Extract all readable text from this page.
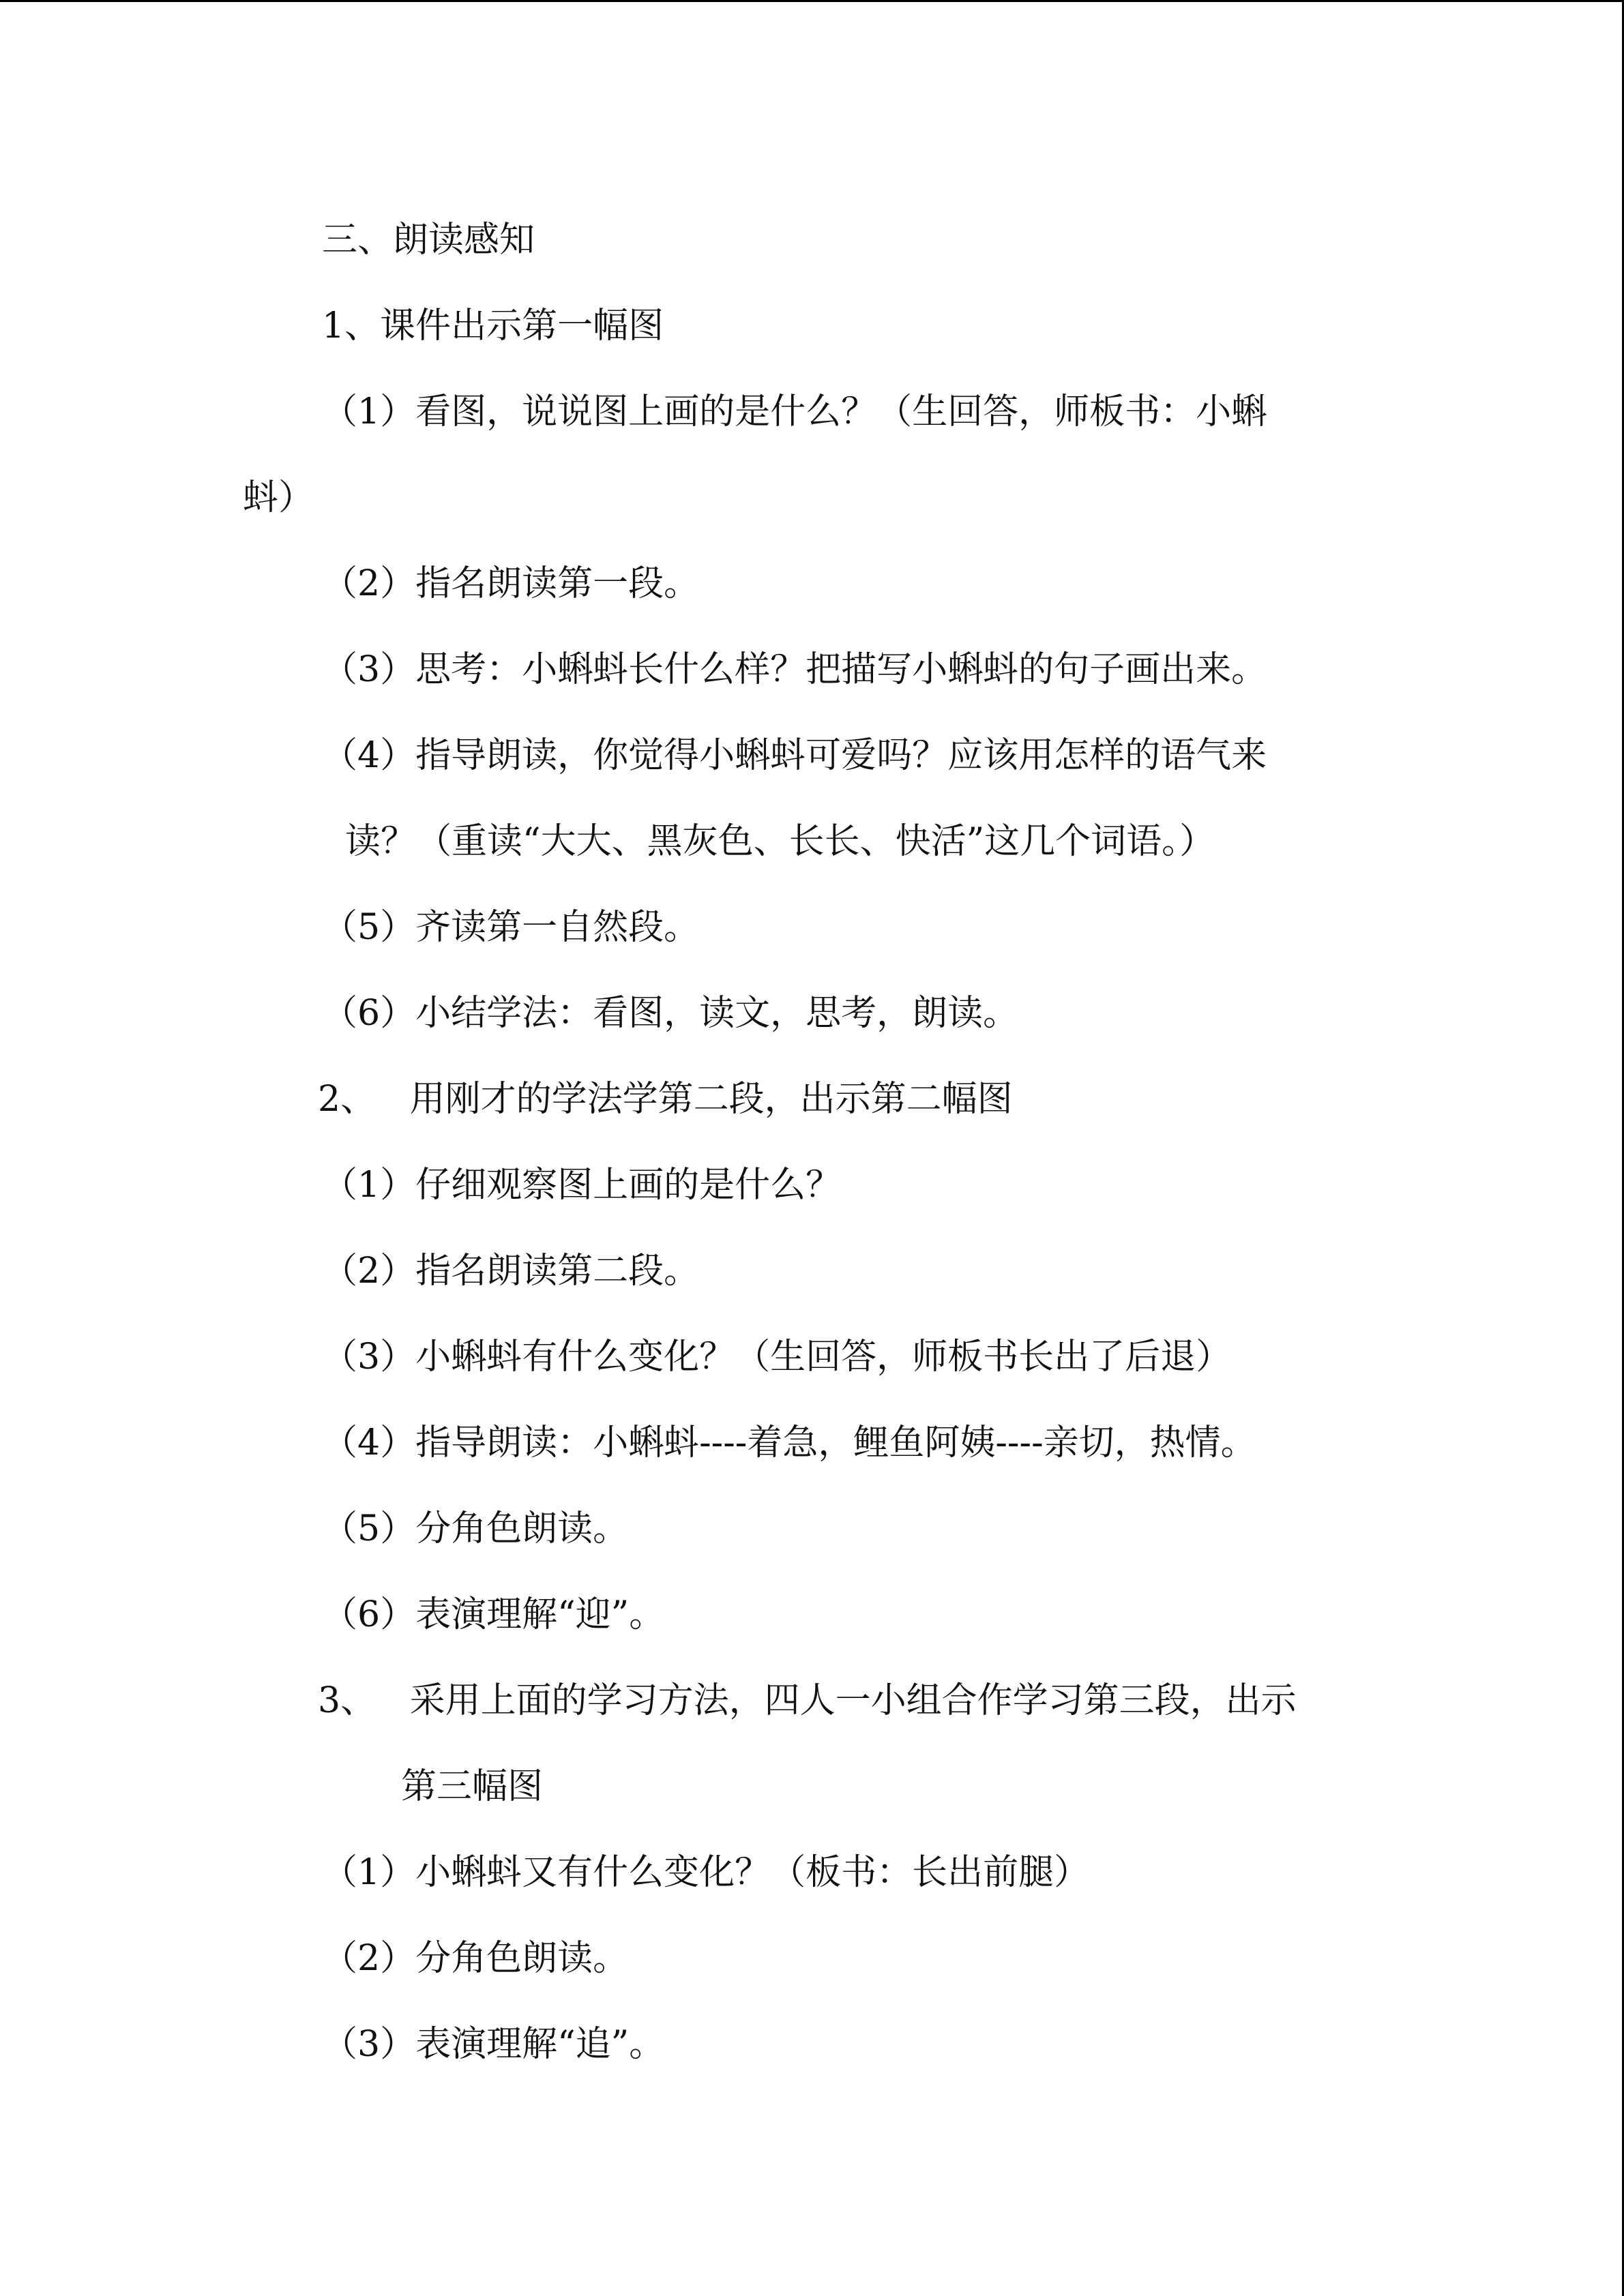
三、朗读感知
1、课件出示第一幅图
（1）看图，说说图上画的是什么？（生回答，师板书：小蝌
蚪）
（2）指名朗读第一段。
（3）思考：小蝌蚪长什么样？把描写小蝌蚪的句子画出来。
（4）指导朗读，你觉得小蝌蚪可爱吗？应该用怎样的语气来
读？（重读“大大、黑灰色、长长、快活”这几个词语。）
（5）齐读第一自然段。
（6）小结学法：看图，读文，思考，朗读。
2、   用刚才的学法学第二段，出示第二幅图
（1）仔细观察图上画的是什么？
（2）指名朗读第二段。
（3）小蝌蚪有什么变化？（生回答，师板书长出了后退）
（4）指导朗读：小蝌蚪----着急，鲤鱼阿姨----亲切，热情。
（5）分角色朗读。
（6）表演理解“迎”。
3、   采用上面的学习方法，四人一小组合作学习第三段，出示
第三幅图
（1）小蝌蚪又有什么变化？（板书：长出前腿）
（2）分角色朗读。
（3）表演理解“追”。
